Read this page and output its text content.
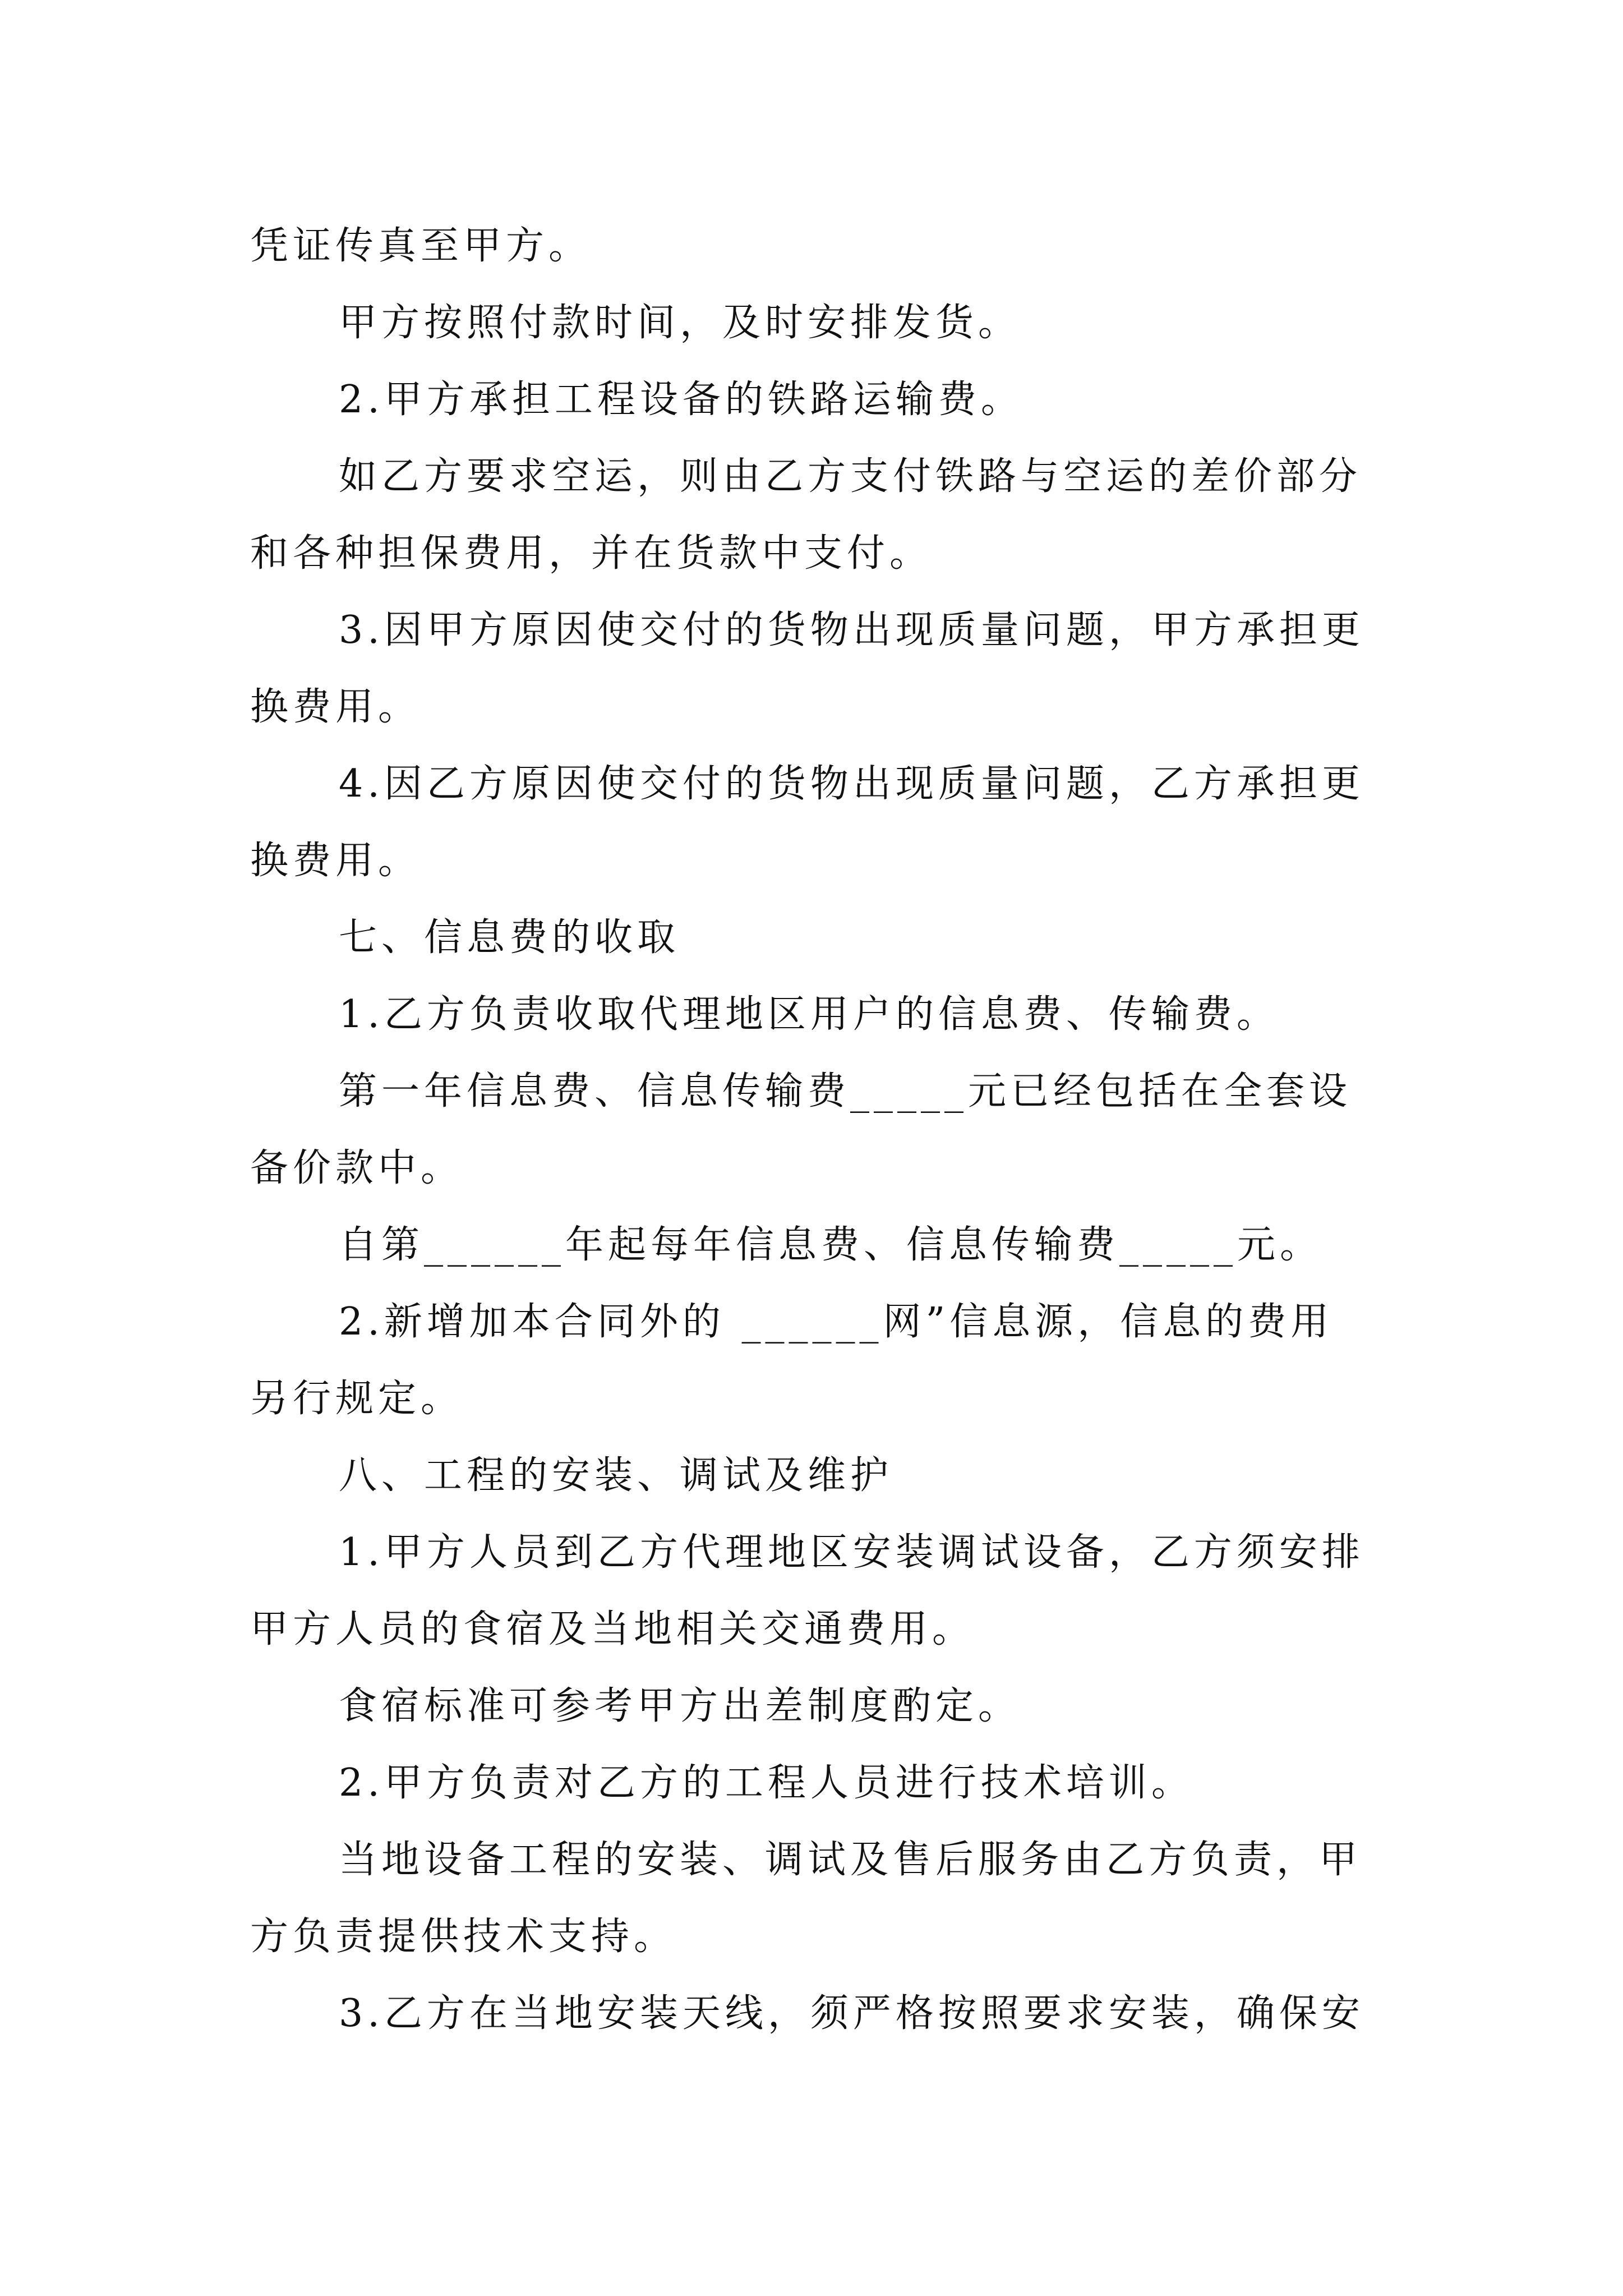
凭证传真至甲方。
甲方按照付款时间，及时安排发货。
2.甲方承担工程设备的铁路运输费。
如乙方要求空运，则由乙方支付铁路与空运的差价部分
和各种担保费用，并在货款中支付。
3.因甲方原因使交付的货物出现质量问题，甲方承担更
换费用。
4.因乙方原因使交付的货物出现质量问题，乙方承担更
换费用。
七、信息费的收取
1.乙方负责收取代理地区用户的信息费、传输费。
第一年信息费、信息传输费_____元已经包括在全套设
备价款中。
自第______年起每年信息费、信息传输费_____元。
2.新增加本合同外的 ______网”信息源，信息的费用
另行规定。
八、工程的安装、调试及维护
1.甲方人员到乙方代理地区安装调试设备，乙方须安排
甲方人员的食宿及当地相关交通费用。
食宿标准可参考甲方出差制度酌定。
2.甲方负责对乙方的工程人员进行技术培训。
当地设备工程的安装、调试及售后服务由乙方负责，甲
方负责提供技术支持。
3.乙方在当地安装天线，须严格按照要求安装，确保安
